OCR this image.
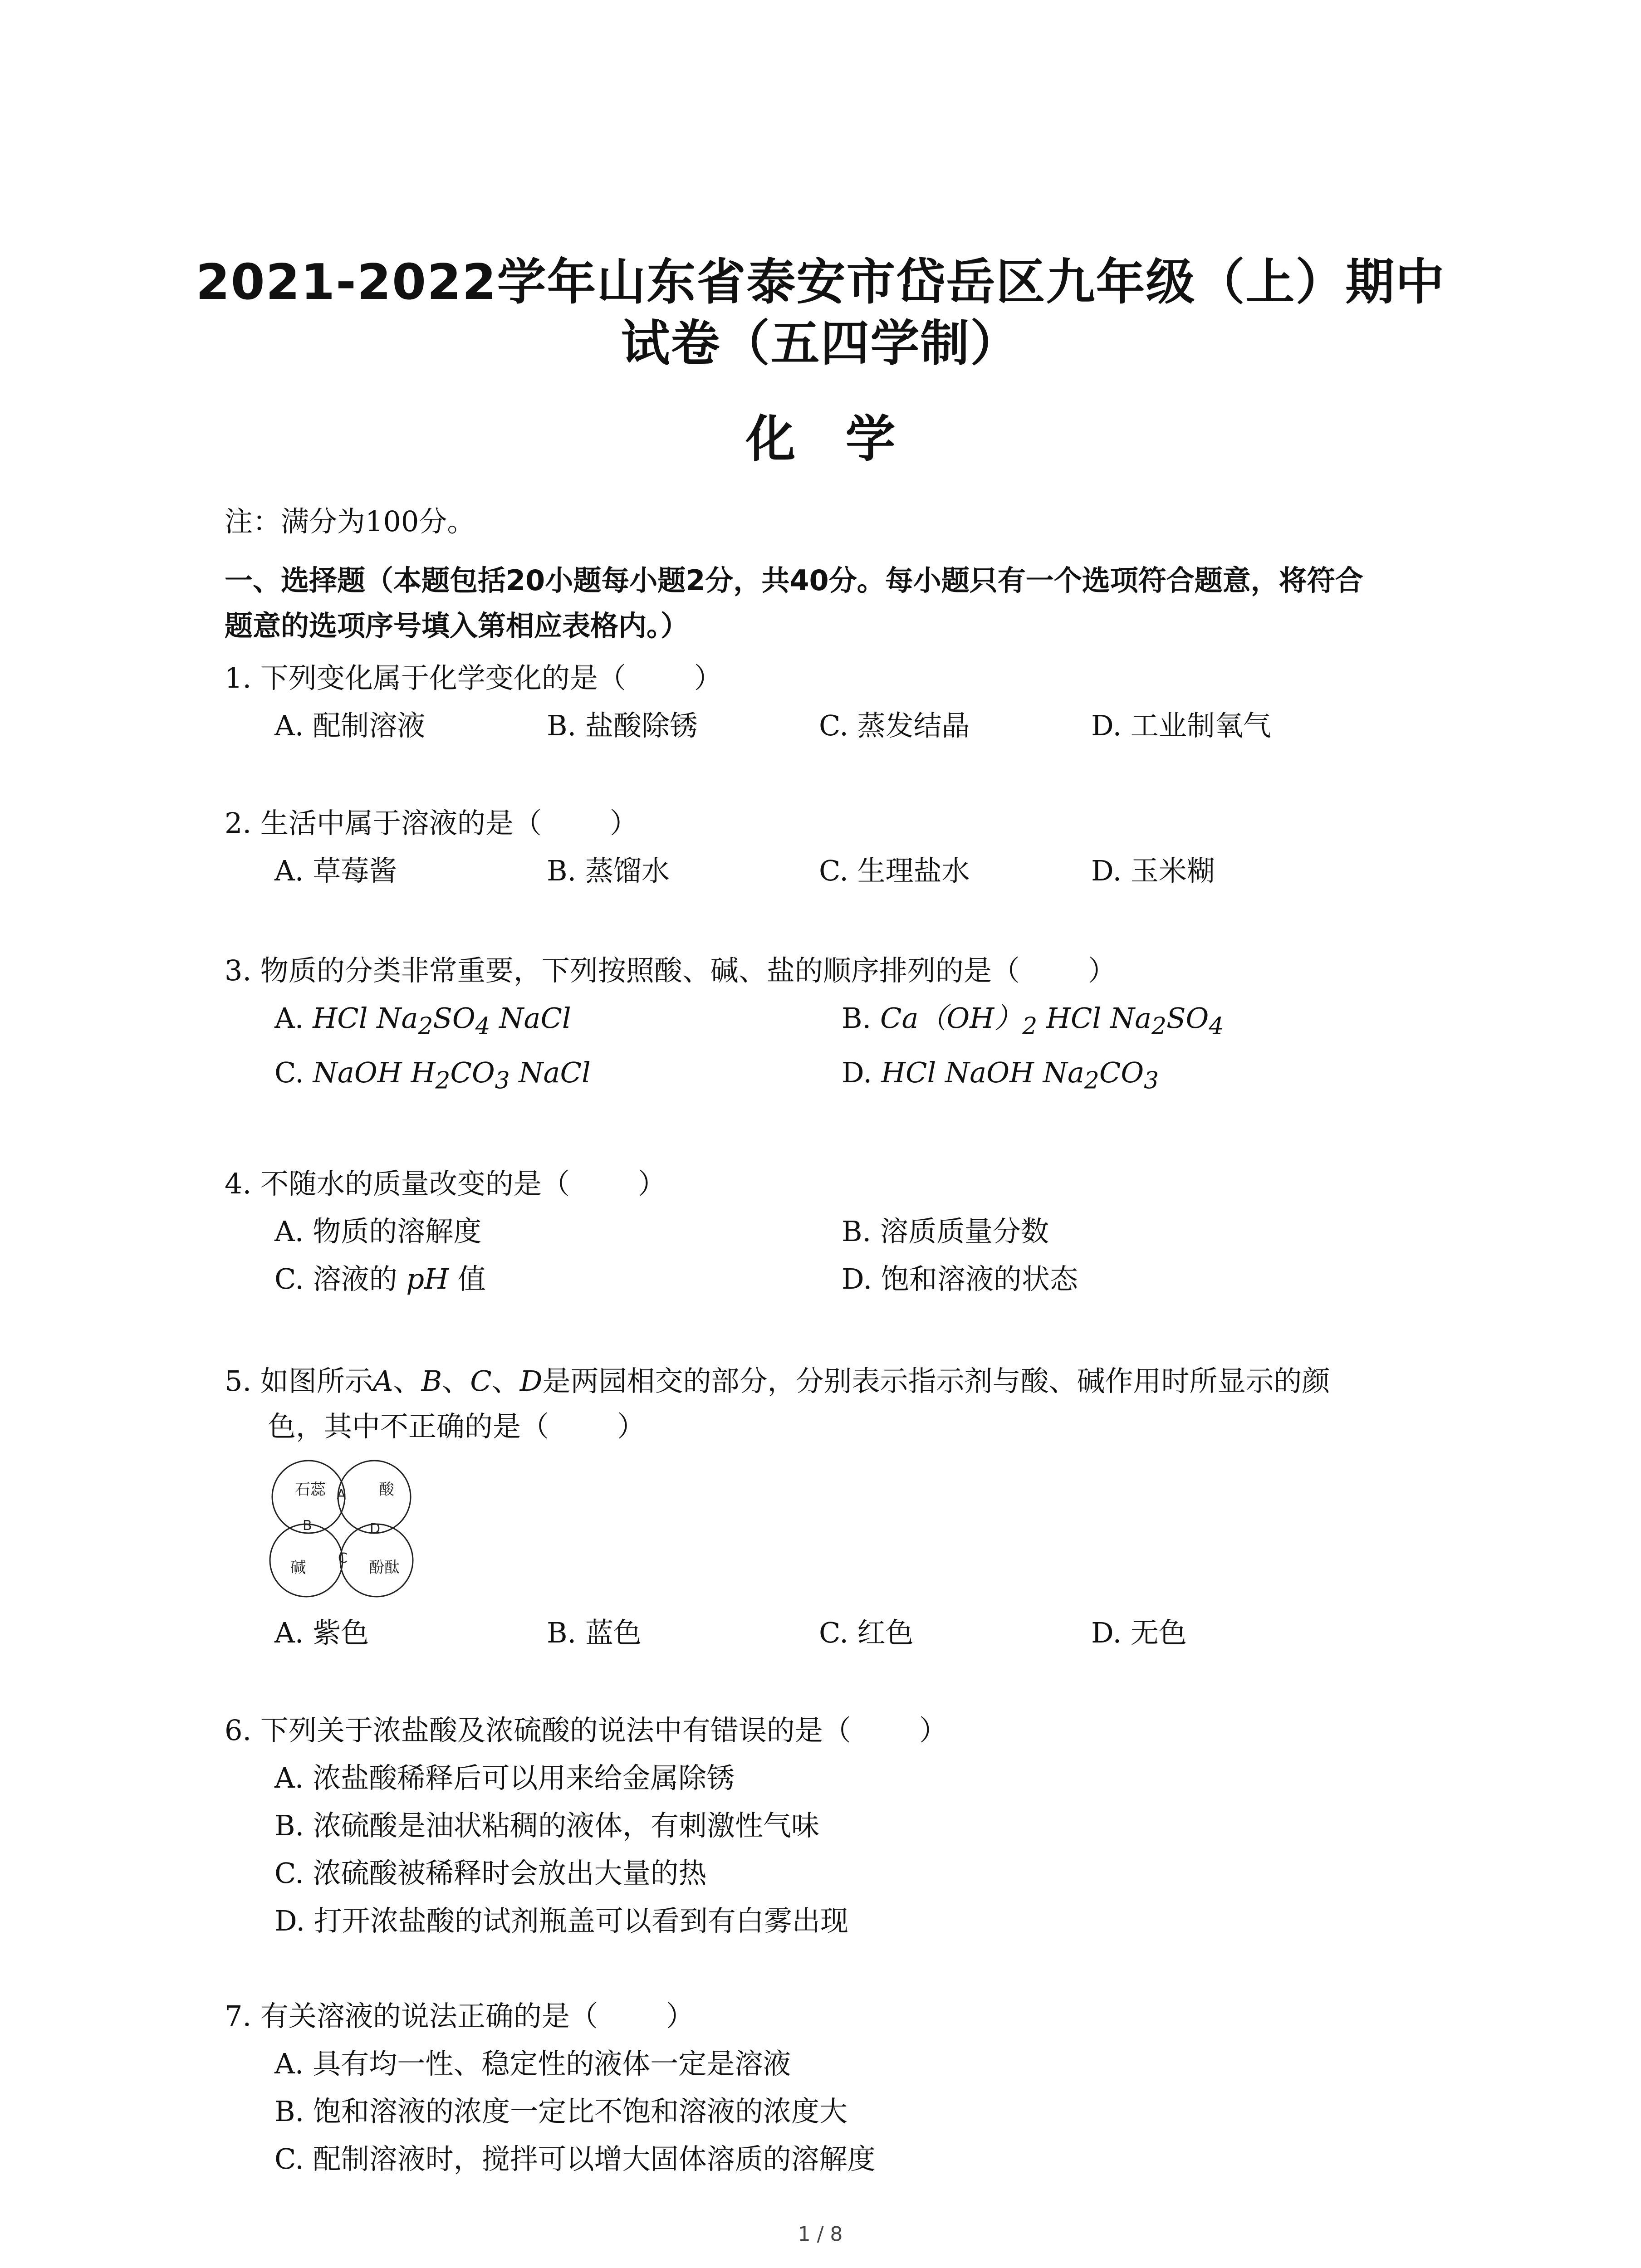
2021-2022学年山东省泰安市岱岳区九年级（上）期中
试卷（五四学制）
化学
注：满分为100分。
一、选择题（本题包括20小题每小题2分，共40分。每小题只有一个选项符合题意，将符合
题意的选项序号填入第相应表格内。）
1. 下列变化属于化学变化的是（ ）
A. 配制溶液	B. 盐酸除锈	C. 蒸发结晶	D. 工业制氧气
2. 生活中属于溶液的是（ ）
A. 草莓酱	B. 蒸馏水	C. 生理盐水	D. 玉米糊
3. 物质的分类非常重要，下列按照酸、碱、盐的顺序排列的是（ ）
A. HCl $Na_2SO_4$ NaCl	B. $Ca(OH)_2$ HCl $Na_2SO_4$
C. NaOH $H_2CO_3$ NaCl	D. HCl NaOH $Na_2CO_3$
4. 不随水的质量改变的是（ ）
A. 物质的溶解度	B. 溶质质量分数
C. 溶液的 pH 值	D. 饱和溶液的状态
5. 如图所示A、B、C、D是两园相交的部分，分别表示指示剂与酸、碱作用时所显示的颜
色，其中不正确的是（ ）
石蕊	酸
碱	酚酞
A
B
C
D
A. 紫色	B. 蓝色	C. 红色	D. 无色
6. 下列关于浓盐酸及浓硫酸的说法中有错误的是（ ）
A. 浓盐酸稀释后可以用来给金属除锈
B. 浓硫酸是油状粘稠的液体，有刺激性气味
C. 浓硫酸被稀释时会放出大量的热
D. 打开浓盐酸的试剂瓶盖可以看到有白雾出现
7. 有关溶液的说法正确的是（ ）
A. 具有均一性、稳定性的液体一定是溶液
B. 饱和溶液的浓度一定比不饱和溶液的浓度大
C. 配制溶液时，搅拌可以增大固体溶质的溶解度
1 / 8
